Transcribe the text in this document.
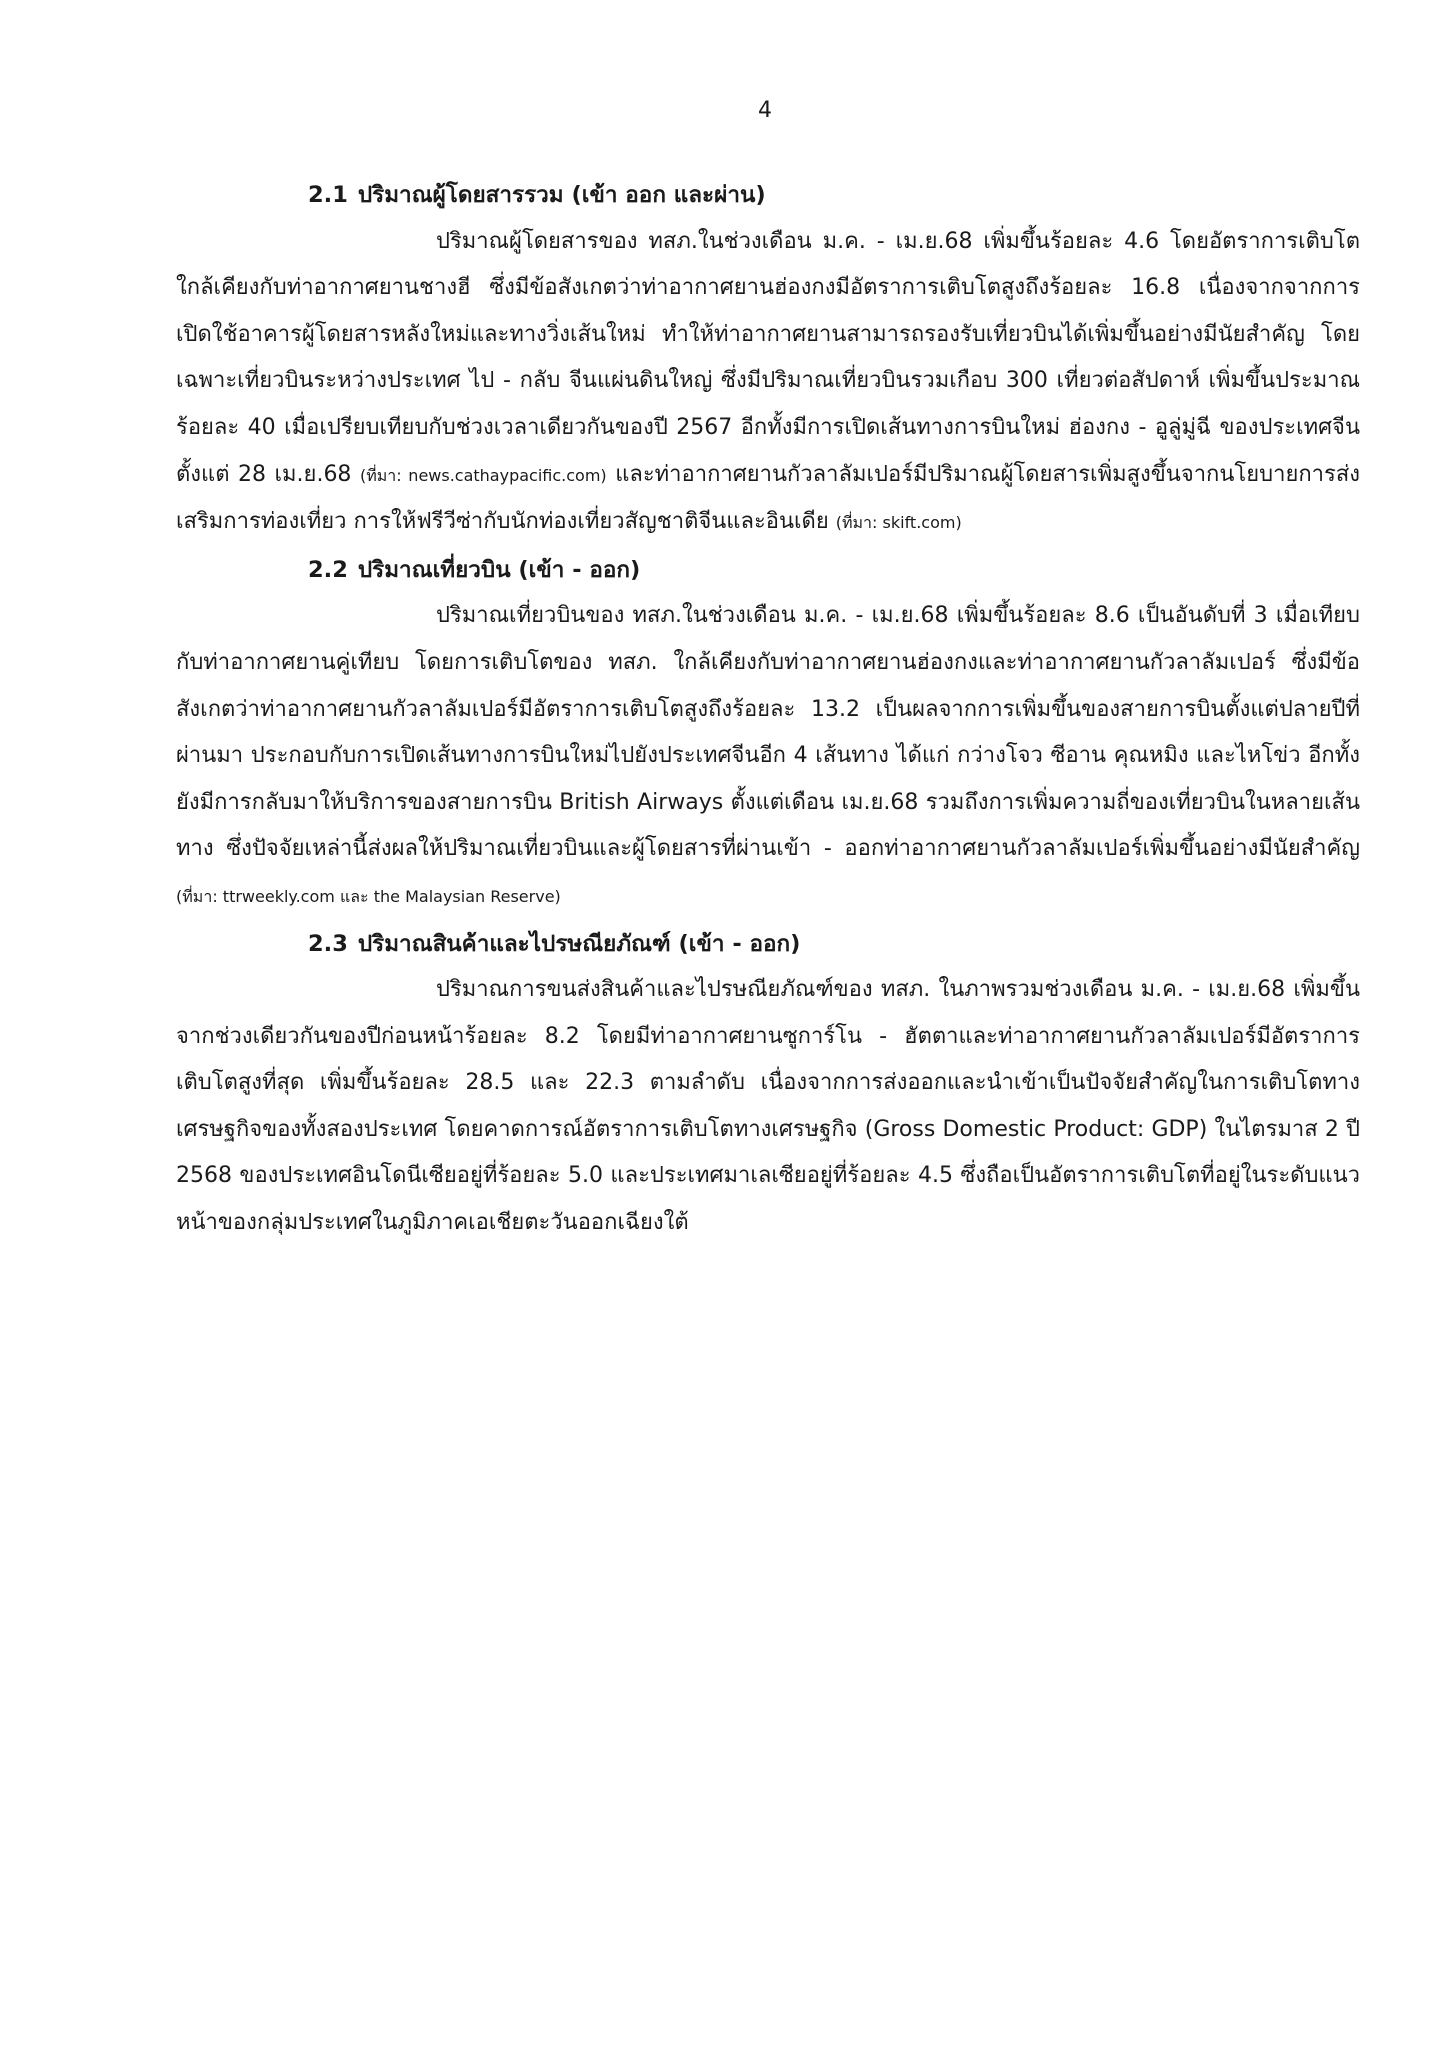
4
2.1 ปริมาณผู้โดยสารรวม (เข้า ออก และผ่าน)

ปริมาณผู้โดยสารของ ทสภ.ในช่วงเดือน ม.ค. - เม.ย.68 เพิ่มขึ้นร้อยละ 4.6 โดยอัตราการเติบโตใกล้เคียงกับท่าอากาศยานชางฮี ซึ่งมีข้อสังเกตว่าท่าอากาศยานฮ่องกงมีอัตราการเติบโตสูงถึงร้อยละ 16.8 เนื่องจากจากการเปิดใช้อาคารผู้โดยสารหลังใหม่และทางวิ่งเส้นใหม่ ทำให้ท่าอากาศยานสามารถรองรับเที่ยวบินได้เพิ่มขึ้นอย่างมีนัยสำคัญ โดยเฉพาะเที่ยวบินระหว่างประเทศ ไป - กลับ จีนแผ่นดินใหญ่ ซึ่งมีปริมาณเที่ยวบินรวมเกือบ 300 เที่ยวต่อสัปดาห์ เพิ่มขึ้นประมาณร้อยละ 40 เมื่อเปรียบเทียบกับช่วงเวลาเดียวกันของปี 2567 อีกทั้งมีการเปิดเส้นทางการบินใหม่ ฮ่องกง - อูลู่มู่ฉี ของประเทศจีน ตั้งแต่ 28 เม.ย.68 (ที่มา: news.cathaypacific.com) และท่าอากาศยานกัวลาลัมเปอร์มีปริมาณผู้โดยสารเพิ่มสูงขึ้นจากนโยบายการส่งเสริมการท่องเที่ยว การให้ฟรีวีซ่ากับนักท่องเที่ยวสัญชาติจีนและอินเดีย (ที่มา: skift.com)

2.2 ปริมาณเที่ยวบิน (เข้า - ออก)

ปริมาณเที่ยวบินของ ทสภ.ในช่วงเดือน ม.ค. - เม.ย.68 เพิ่มขึ้นร้อยละ 8.6 เป็นอันดับที่ 3 เมื่อเทียบกับท่าอากาศยานคู่เทียบ โดยการเติบโตของ ทสภ. ใกล้เคียงกับท่าอากาศยานฮ่องกงและท่าอากาศยานกัวลาลัมเปอร์ ซึ่งมีข้อสังเกตว่าท่าอากาศยานกัวลาลัมเปอร์มีอัตราการเติบโตสูงถึงร้อยละ 13.2 เป็นผลจากการเพิ่มขึ้นของสายการบินตั้งแต่ปลายปีที่ผ่านมา ประกอบกับการเปิดเส้นทางการบินใหม่ไปยังประเทศจีนอีก 4 เส้นทาง ได้แก่ กว่างโจว ซีอาน คุณหมิง และไหโข่ว อีกทั้งยังมีการกลับมาให้บริการของสายการบิน British Airways ตั้งแต่เดือน เม.ย.68 รวมถึงการเพิ่มความถี่ของเที่ยวบินในหลายเส้นทาง ซึ่งปัจจัยเหล่านี้ส่งผลให้ปริมาณเที่ยวบินและผู้โดยสารที่ผ่านเข้า - ออกท่าอากาศยานกัวลาลัมเปอร์เพิ่มขึ้นอย่างมีนัยสำคัญ (ที่มา: ttrweekly.com และ the Malaysian Reserve)

2.3 ปริมาณสินค้าและไปรษณียภัณฑ์ (เข้า - ออก)

ปริมาณการขนส่งสินค้าและไปรษณียภัณฑ์ของ ทสภ. ในภาพรวมช่วงเดือน ม.ค. - เม.ย.68 เพิ่มขึ้นจากช่วงเดียวกันของปีก่อนหน้าร้อยละ 8.2 โดยมีท่าอากาศยานซูการ์โน - ฮัตตาและท่าอากาศยานกัวลาลัมเปอร์มีอัตราการเติบโตสูงที่สุด เพิ่มขึ้นร้อยละ 28.5 และ 22.3 ตามลำดับ เนื่องจากการส่งออกและนำเข้าเป็นปัจจัยสำคัญในการเติบโตทางเศรษฐกิจของทั้งสองประเทศ โดยคาดการณ์อัตราการเติบโตทางเศรษฐกิจ (Gross Domestic Product: GDP) ในไตรมาส 2 ปี 2568 ของประเทศอินโดนีเซียอยู่ที่ร้อยละ 5.0 และประเทศมาเลเซียอยู่ที่ร้อยละ 4.5 ซึ่งถือเป็นอัตราการเติบโตที่อยู่ในระดับแนวหน้าของกลุ่มประเทศในภูมิภาคเอเชียตะวันออกเฉียงใต้
